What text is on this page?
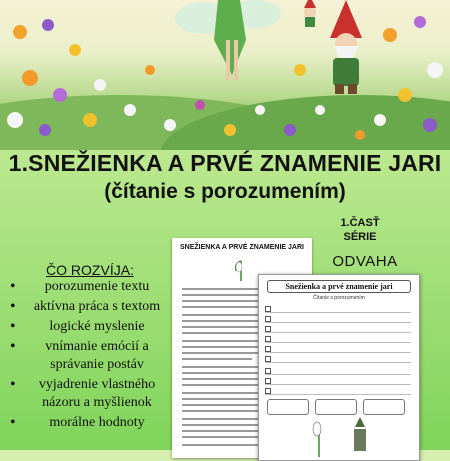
1.SNEŽIENKA A PRVÉ ZNAMENIE JARI
(čítanie s porozumením)
1.ČASŤ SÉRIE
ODVAHA
ČO ROZVÍJA:
• porozumenie textu
• aktívna práca s textom
• logické myslenie
• vnímanie emócií a správanie postáv
• vyjadrenie vlastného názoru a myšlienok
• morálne hodnoty
SNEŽIENKA A PRVÉ ZNAMENIE JARI
Snežienka a prvé znamenie jari
Čítanie s porozumením
